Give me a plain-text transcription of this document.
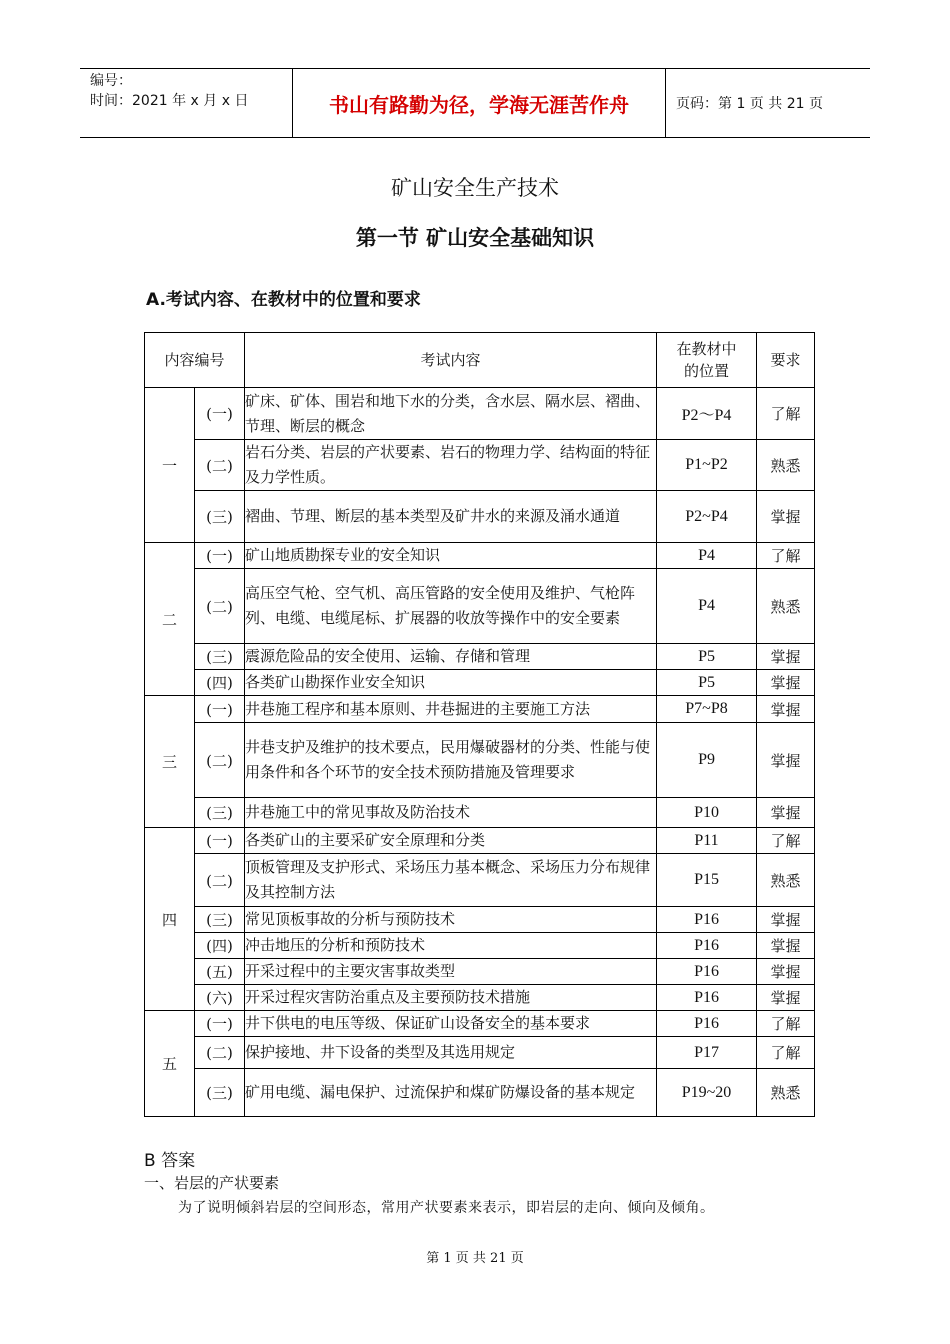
编号：
时间：2021 年 x 月 x 日	书山有路勤为径，学海无涯苦作舟	页码：第 1 页 共 21 页
矿山安全生产技术
第一节 矿山安全基础知识
A.考试内容、在教材中的位置和要求
内容编号		考试内容	在教材中的位置	要求
一	(一)	矿床、矿体、围岩和地下水的分类，含水层、隔水层、褶曲、节理、断层的概念	P2～P4	了解
	(二)	岩石分类、岩层的产状要素、岩石的物理力学、结构面的特征及力学性质。	P1~P2	熟悉
	(三)	褶曲、节理、断层的基本类型及矿井水的来源及涌水通道	P2~P4	掌握
二	(一)	矿山地质勘探专业的安全知识	P4	了解
	(二)	高压空气枪、空气机、高压管路的安全使用及维护、气枪阵列、电缆、电缆尾标、扩展器的收放等操作中的安全要素	P4	熟悉
	(三)	震源危险品的安全使用、运输、存储和管理	P5	掌握
	(四)	各类矿山勘探作业安全知识	P5	掌握
三	(一)	井巷施工程序和基本原则、井巷掘进的主要施工方法	P7~P8	掌握
	(二)	井巷支护及维护的技术要点，民用爆破器材的分类、性能与使用条件和各个环节的安全技术预防措施及管理要求	P9	掌握
	(三)	井巷施工中的常见事故及防治技术	P10	掌握
四	(一)	各类矿山的主要采矿安全原理和分类	P11	了解
	(二)	顶板管理及支护形式、采场压力基本概念、采场压力分布规律及其控制方法	P15	熟悉
	(三)	常见顶板事故的分析与预防技术	P16	掌握
	(四)	冲击地压的分析和预防技术	P16	掌握
	(五)	开采过程中的主要灾害事故类型	P16	掌握
	(六)	开采过程灾害防治重点及主要预防技术措施	P16	掌握
五	(一)	井下供电的电压等级、保证矿山设备安全的基本要求	P16	了解
	(二)	保护接地、井下设备的类型及其选用规定	P17	了解
	(三)	矿用电缆、漏电保护、过流保护和煤矿防爆设备的基本规定	P19~20	熟悉
B 答案
一、岩层的产状要素
为了说明倾斜岩层的空间形态，常用产状要素来表示，即岩层的走向、倾向及倾角。
第 1 页 共 21 页
